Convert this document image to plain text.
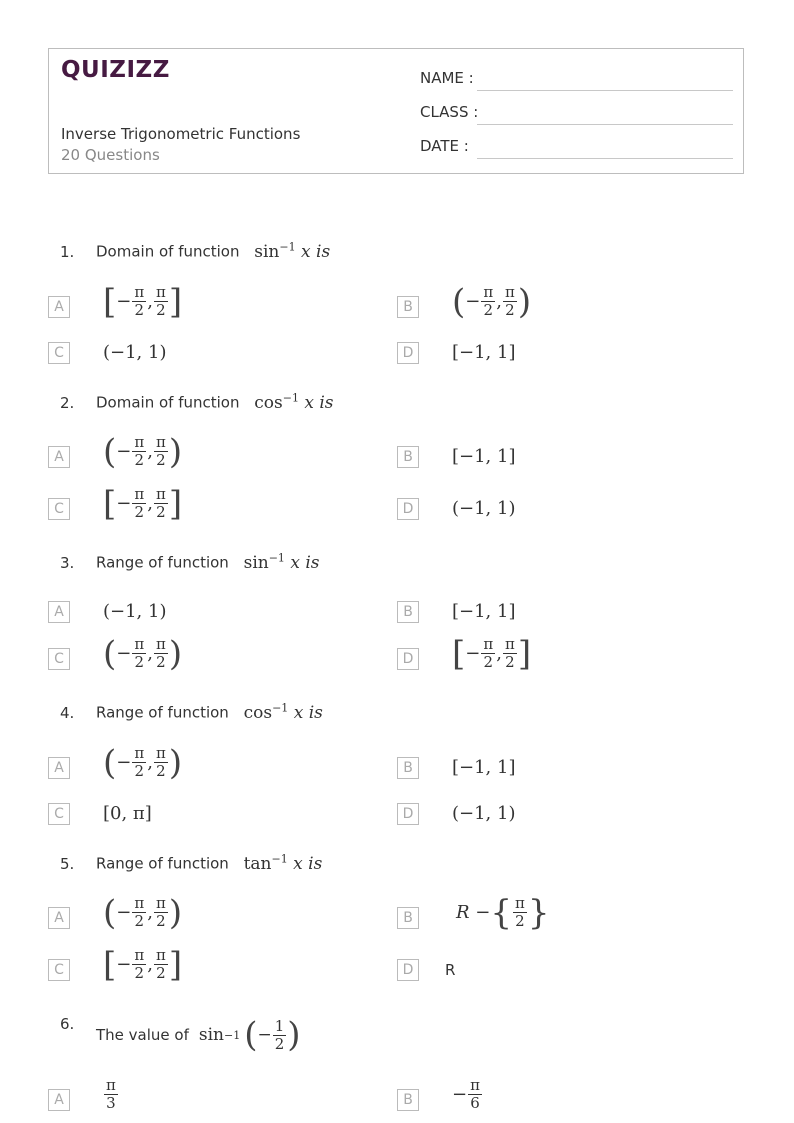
QUIZIZZ
Inverse Trigonometric Functions
20 Questions
NAME :
CLASS :
DATE :
1. Domain of function $\sin^{-1} x$ is
A [ − $\frac{\pi}{2}$ , $\frac{\pi}{2}$ ]	B ( − $\frac{\pi}{2}$ , $\frac{\pi}{2}$ )
C	(−1, 1)	D	[−1, 1]
2. Domain of function $\cos^{-1} x$ is
A ( − $\frac{\pi}{2}$ , $\frac{\pi}{2}$ )	B	[−1, 1]
C [ − $\frac{\pi}{2}$ , $\frac{\pi}{2}$ ]	D	(−1, 1)
3. Range of function $\sin^{-1} x$ is
A	(−1, 1)	B	[−1, 1]
C ( − $\frac{\pi}{2}$ , $\frac{\pi}{2}$ )	D [ − $\frac{\pi}{2}$ , $\frac{\pi}{2}$ ]
4. Range of function $\cos^{-1} x$ is
A ( − $\frac{\pi}{2}$ , $\frac{\pi}{2}$ )	B	[−1, 1]
C	[0, π]	D	(−1, 1)
5. Range of function $\tan^{-1} x$ is
A ( − $\frac{\pi}{2}$ , $\frac{\pi}{2}$ )	B	R − { $\frac{\pi}{2}$ }
C [ − $\frac{\pi}{2}$ , $\frac{\pi}{2}$ ]	D	R
6.
The value of sin −1 ( − $\frac{1}{2}$ )
A	$\frac{\pi}{3}$	B	− $\frac{\pi}{6}$
